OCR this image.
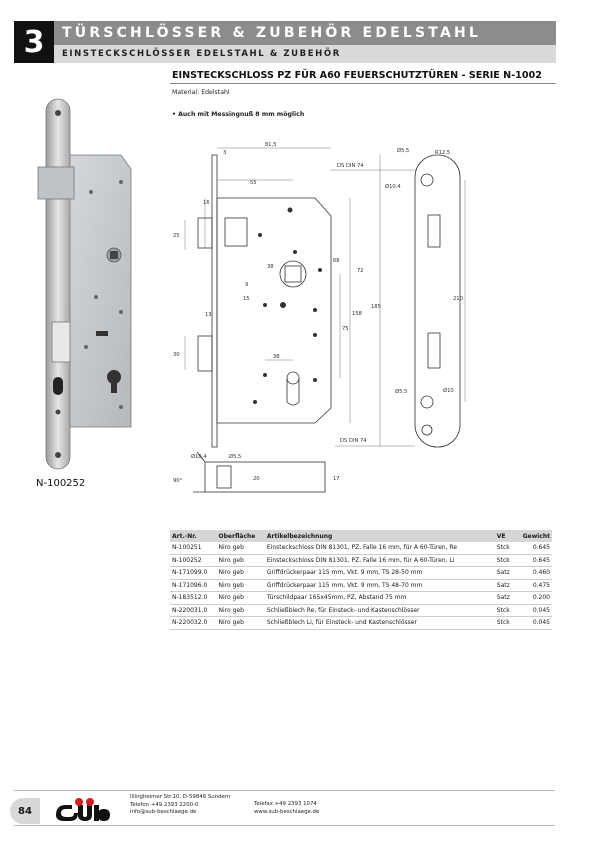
3	TÜRSCHLÖSSER & ZUBEHÖR EDELSTAHL
EINSTECKSCHLÖSSER EDELSTAHL & ZUBEHÖR
EINSTECKSCHLOSS PZ FÜR A60 FEUERSCHUTZTÜREN - SERIE N-1002
Material: Edelstahl
• Auch mit Messingnuß 8 mm möglich
N-100252
3
81,5
55
16
25
38
68
72
9
15
13
30
75
158
185
38
210
Ø5,5	R12,5
DS DIN 74
Ø10,4
Ø5,5	Ø10
DS DIN 74
90°
Ø10,4	Ø5,5
20	17
Art.-Nr.	Oberfläche	Artikelbezeichnung	VE	Gewicht
N-100251	Niro geb	Einsteckschloss DIN 81301, PZ, Falle 16 mm, für A 60-Türen, Re	Stck	0.645
N-100252	Niro geb	Einsteckschloss DIN 81301, PZ, Falle 16 mm, für A 60-Türen, Li	Stck	0.645
N-171099.0	Niro geb	Griffdrückerpaar 115 mm, Vkt. 9 mm, TS 28-50 mm	Satz	0.460
N-171096.0	Niro geb	Griffdrückerpaar 115 mm, Vkt. 9 mm, TS 48-70 mm	Satz	0.475
N-183512.0	Niro geb	Türschildpaar 165x45mm, PZ, Abstand 75 mm	Satz	0.200
N-220031.0	Niro geb	Schließblech Re, für Einsteck- und Kastenschlösser	Stck	0.045
N-220032.0	Niro geb	Schließblech Li, für Einsteck- und Kastenschlösser	Stck	0.045
84
Illingheimer Str.10, D-59846 Sundern
Telefon +49 2393 2200-0
info@sub-beschlaege.de
Telefax +49 2393 1074
www.sub-beschlaege.de
